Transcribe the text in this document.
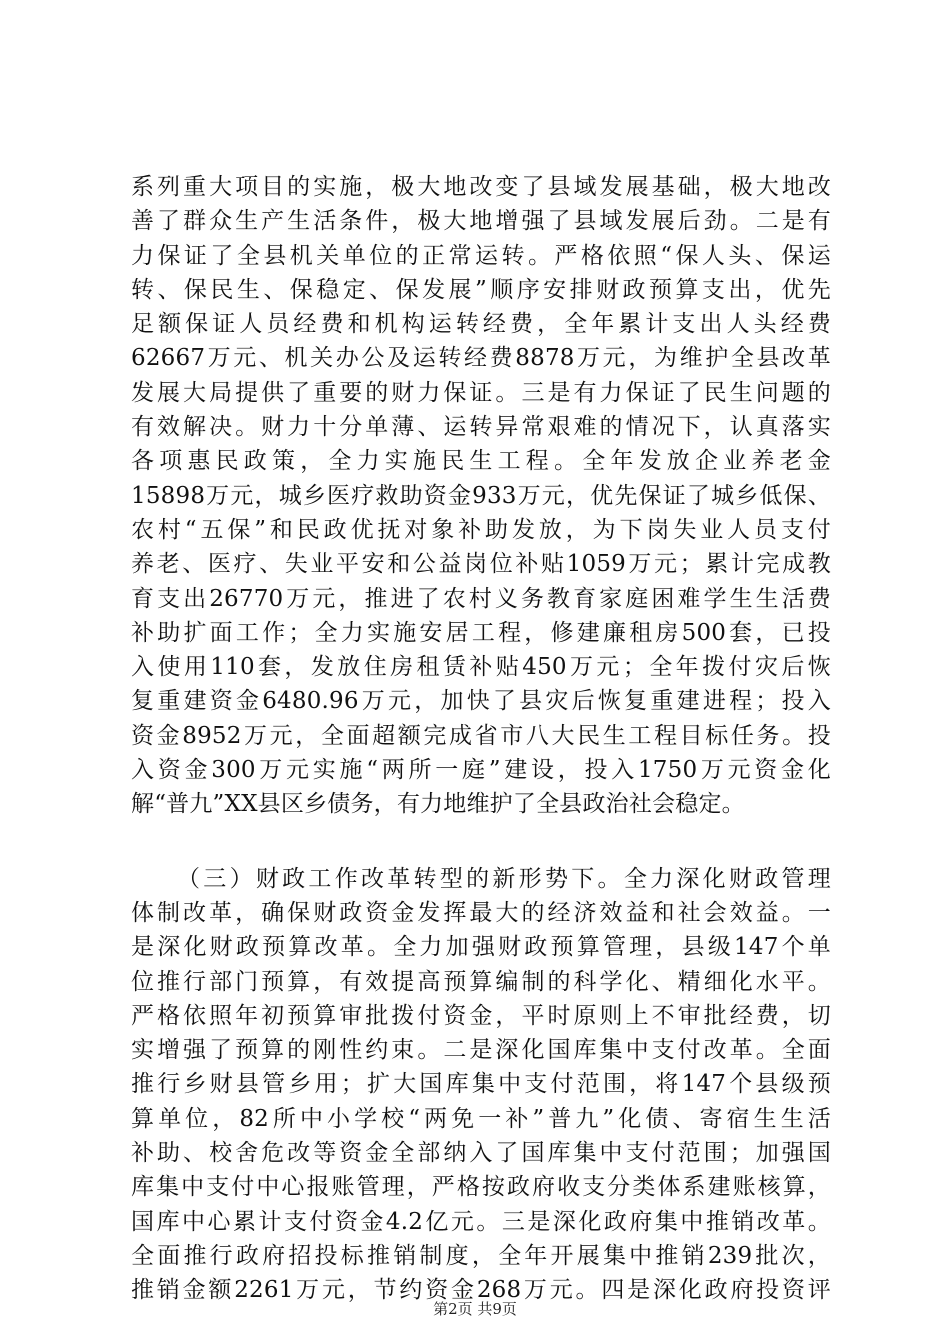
系列重大项目的实施，极大地改变了县域发展基础，极大地改
善了群众生产生活条件，极大地增强了县域发展后劲。二是有
力保证了全县机关单位的正常运转。严格依照“保人头、保运
转、保民生、保稳定、保发展”顺序安排财政预算支出，优先
足额保证人员经费和机构运转经费，全年累计支出人头经费
62667万元、机关办公及运转经费8878万元，为维护全县改革
发展大局提供了重要的财力保证。三是有力保证了民生问题的
有效解决。财力十分单薄、运转异常艰难的情况下，认真落实
各项惠民政策，全力实施民生工程。全年发放企业养老金
15898万元，城乡医疗救助资金933万元，优先保证了城乡低保、
农村“五保”和民政优抚对象补助发放，为下岗失业人员支付
养老、医疗、失业平安和公益岗位补贴1059万元；累计完成教
育支出26770万元，推进了农村义务教育家庭困难学生生活费
补助扩面工作；全力实施安居工程，修建廉租房500套，已投
入使用110套，发放住房租赁补贴450万元；全年拨付灾后恢
复重建资金6480.96万元，加快了县灾后恢复重建进程；投入
资金8952万元，全面超额完成省市八大民生工程目标任务。投
入资金300万元实施“两所一庭”建设，投入1750万元资金化
解“普九”XX县区乡债务，有力地维护了全县政治社会稳定。
（三）财政工作改革转型的新形势下。全力深化财政管理
体制改革，确保财政资金发挥最大的经济效益和社会效益。一
是深化财政预算改革。全力加强财政预算管理，县级147个单
位推行部门预算，有效提高预算编制的科学化、精细化水平。
严格依照年初预算审批拨付资金，平时原则上不审批经费，切
实增强了预算的刚性约束。二是深化国库集中支付改革。全面
推行乡财县管乡用；扩大国库集中支付范围，将147个县级预
算单位，82所中小学校“两免一补”普九”化债、寄宿生生活
补助、校舍危改等资金全部纳入了国库集中支付范围；加强国
库集中支付中心报账管理，严格按政府收支分类体系建账核算，
国库中心累计支付资金4.2亿元。三是深化政府集中推销改革。
全面推行政府招投标推销制度，全年开展集中推销239批次，
推销金额2261万元，节约资金268万元。四是深化政府投资评
第2页 共9页
